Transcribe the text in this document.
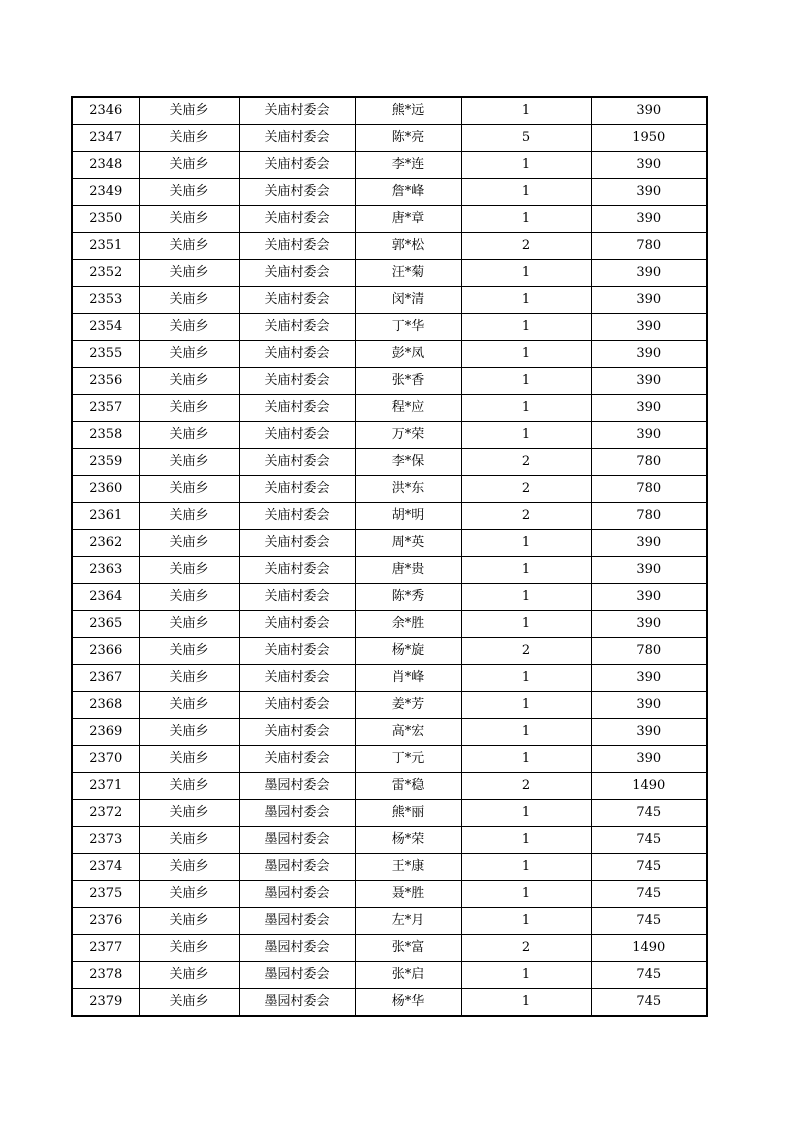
2346	关庙乡	关庙村委会	熊*远	1	390
2347	关庙乡	关庙村委会	陈*亮	5	1950
2348	关庙乡	关庙村委会	李*连	1	390
2349	关庙乡	关庙村委会	詹*峰	1	390
2350	关庙乡	关庙村委会	唐*章	1	390
2351	关庙乡	关庙村委会	郭*松	2	780
2352	关庙乡	关庙村委会	汪*菊	1	390
2353	关庙乡	关庙村委会	闵*清	1	390
2354	关庙乡	关庙村委会	丁*华	1	390
2355	关庙乡	关庙村委会	彭*凤	1	390
2356	关庙乡	关庙村委会	张*香	1	390
2357	关庙乡	关庙村委会	程*应	1	390
2358	关庙乡	关庙村委会	万*荣	1	390
2359	关庙乡	关庙村委会	李*保	2	780
2360	关庙乡	关庙村委会	洪*东	2	780
2361	关庙乡	关庙村委会	胡*明	2	780
2362	关庙乡	关庙村委会	周*英	1	390
2363	关庙乡	关庙村委会	唐*贵	1	390
2364	关庙乡	关庙村委会	陈*秀	1	390
2365	关庙乡	关庙村委会	余*胜	1	390
2366	关庙乡	关庙村委会	杨*旋	2	780
2367	关庙乡	关庙村委会	肖*峰	1	390
2368	关庙乡	关庙村委会	姜*芳	1	390
2369	关庙乡	关庙村委会	高*宏	1	390
2370	关庙乡	关庙村委会	丁*元	1	390
2371	关庙乡	墨园村委会	雷*稳	2	1490
2372	关庙乡	墨园村委会	熊*丽	1	745
2373	关庙乡	墨园村委会	杨*荣	1	745
2374	关庙乡	墨园村委会	王*康	1	745
2375	关庙乡	墨园村委会	聂*胜	1	745
2376	关庙乡	墨园村委会	左*月	1	745
2377	关庙乡	墨园村委会	张*富	2	1490
2378	关庙乡	墨园村委会	张*启	1	745
2379	关庙乡	墨园村委会	杨*华	1	745
